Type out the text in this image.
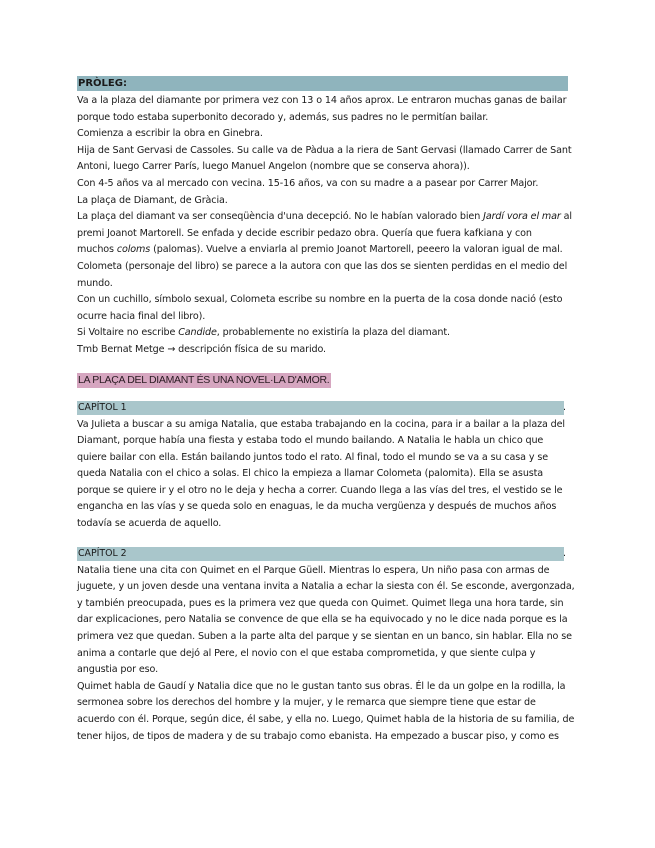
PRÒLEG:
Va a la plaza del diamante por primera vez con 13 o 14 años aprox. Le entraron muchas ganas de bailar
porque todo estaba superbonito decorado y, además, sus padres no le permitían bailar.
Comienza a escribir la obra en Ginebra.
Hija de Sant Gervasi de Cassoles. Su calle va de Pàdua a la riera de Sant Gervasi (llamado Carrer de Sant
Antoni, luego Carrer París, luego Manuel Angelon (nombre que se conserva ahora)).
Con 4-5 años va al mercado con vecina. 15-16 años, va con su madre a a pasear por Carrer Major.
La plaça de Diamant, de Gràcia.
La plaça del diamant va ser conseqüència d'una decepció. No le habían valorado bien Jardí vora el mar al
premi Joanot Martorell. Se enfada y decide escribir pedazo obra. Quería que fuera kafkiana y con
muchos coloms (palomas). Vuelve a enviarla al premio Joanot Martorell, peeero la valoran igual de mal.
Colometa (personaje del libro) se parece a la autora con que las dos se sienten perdidas en el medio del
mundo.
Con un cuchillo, símbolo sexual, Colometa escribe su nombre en la puerta de la cosa donde nació (esto
ocurre hacia final del libro).
Si Voltaire no escribe Candide, probablemente no existiría la plaza del diamant.
Tmb Bernat Metge → descripción física de su marido.
LA PLAÇA DEL DIAMANT ÉS UNA NOVEL·LA D'AMOR.
CAPÍTOL 1	.
Va Julieta a buscar a su amiga Natalia, que estaba trabajando en la cocina, para ir a bailar a la plaza del
Diamant, porque había una fiesta y estaba todo el mundo bailando. A Natalia le habla un chico que
quiere bailar con ella. Están bailando juntos todo el rato. Al final, todo el mundo se va a su casa y se
queda Natalia con el chico a solas. El chico la empieza a llamar Colometa (palomita). Ella se asusta
porque se quiere ir y el otro no le deja y hecha a correr. Cuando llega a las vías del tres, el vestido se le
engancha en las vías y se queda solo en enaguas, le da mucha vergüenza y después de muchos años
todavía se acuerda de aquello.
CAPÍTOL 2	.
Natalia tiene una cita con Quimet en el Parque Güell. Mientras lo espera, Un niño pasa con armas de
juguete, y un joven desde una ventana invita a Natalia a echar la siesta con él. Se esconde, avergonzada,
y también preocupada, pues es la primera vez que queda con Quimet. Quimet llega una hora tarde, sin
dar explicaciones, pero Natalia se convence de que ella se ha equivocado y no le dice nada porque es la
primera vez que quedan. Suben a la parte alta del parque y se sientan en un banco, sin hablar. Ella no se
anima a contarle que dejó al Pere, el novio con el que estaba comprometida, y que siente culpa y
angustia por eso.
Quimet habla de Gaudí y Natalia dice que no le gustan tanto sus obras. Él le da un golpe en la rodilla, la
sermonea sobre los derechos del hombre y la mujer, y le remarca que siempre tiene que estar de
acuerdo con él. Porque, según dice, él sabe, y ella no. Luego, Quimet habla de la historia de su familia, de
tener hijos, de tipos de madera y de su trabajo como ebanista. Ha empezado a buscar piso, y como es
